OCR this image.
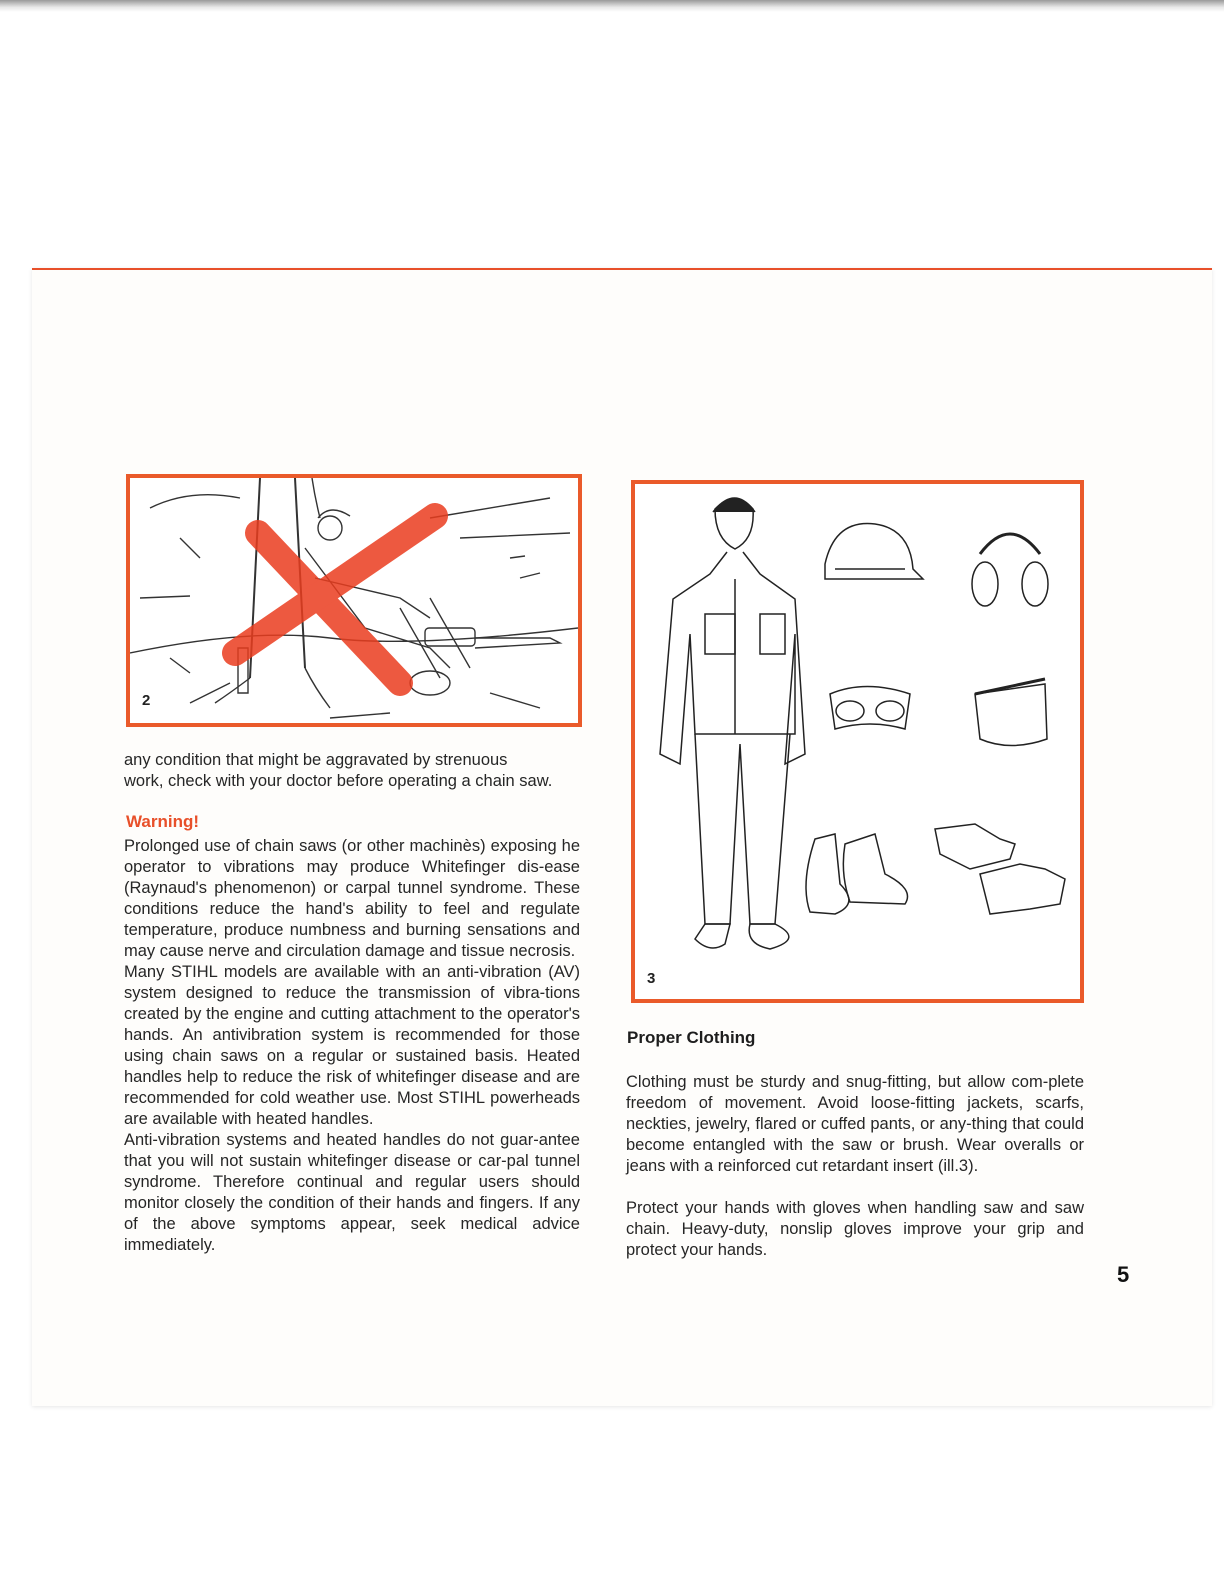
2
3

any condition that might be aggravated by strenuous

work, check with your doctor before operating a chain saw.

Warning!

Prolonged use of chain saws (or other machinès) exposing he operator to vibrations may produce Whitefinger dis-ease (Raynaud's phenomenon) or carpal tunnel syndrome. These conditions reduce the hand's ability to feel and regulate temperature, produce numbness and burning sensations and may cause nerve and circulation damage and tissue necrosis.

Many STIHL models are available with an anti-vibration (AV) system designed to reduce the transmission of vibra-tions created by the engine and cutting attachment to the operator's hands. An antivibration system is recommended for those using chain saws on a regular or sustained basis. Heated handles help to reduce the risk of whitefinger disease and are recommended for cold weather use. Most STIHL powerheads are available with heated handles.

Anti-vibration systems and heated handles do not guar-antee that you will not sustain whitefinger disease or car-pal tunnel syndrome. Therefore continual and regular users should monitor closely the condition of their hands and fingers. If any of the above symptoms appear, seek medical advice immediately.

Proper Clothing

Clothing must be sturdy and snug-fitting, but allow com-plete freedom of movement. Avoid loose-fitting jackets, scarfs, neckties, jewelry, flared or cuffed pants, or any-thing that could become entangled with the saw or brush. Wear overalls or jeans with a reinforced cut retardant insert (ill.3).

Protect your hands with gloves when handling saw and saw chain. Heavy-duty, nonslip gloves improve your grip and protect your hands.

5
